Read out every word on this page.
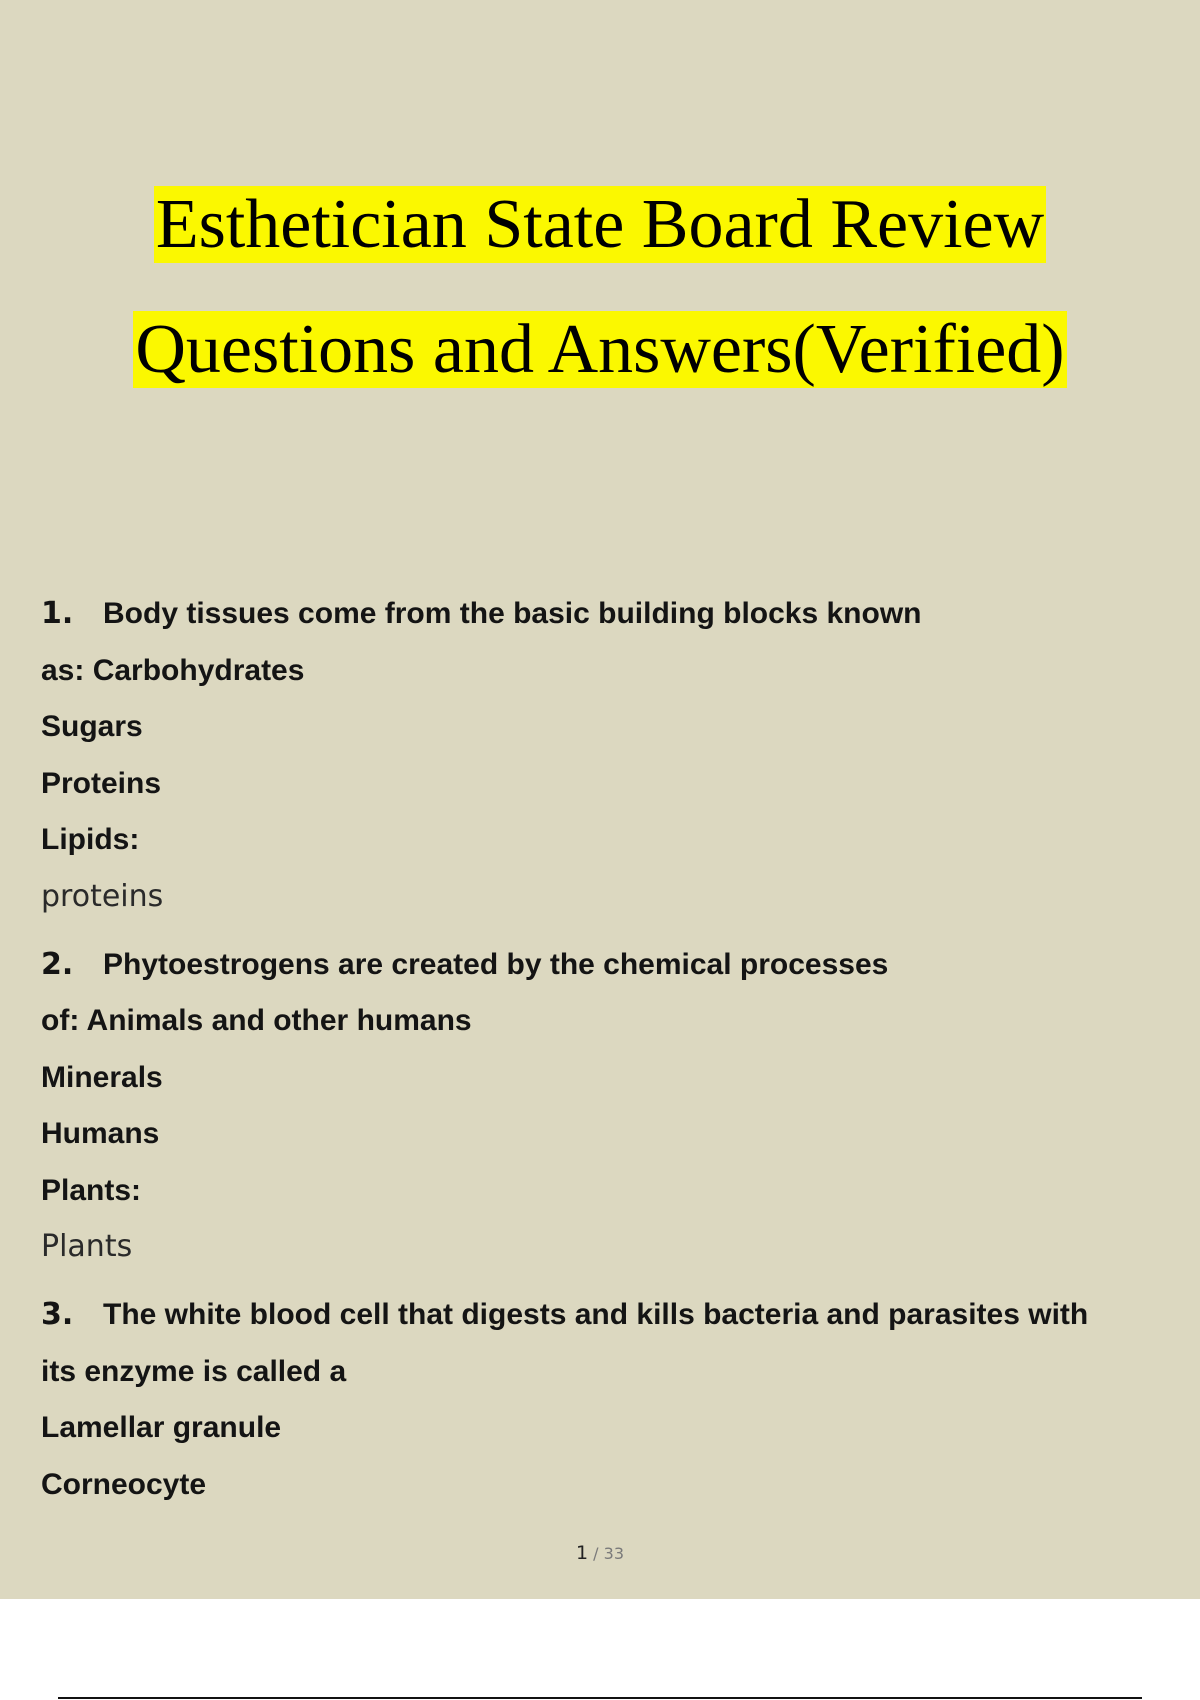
Esthetician State Board Review
Questions and Answers(Verified)
1. Body tissues come from the basic building blocks known
as: Carbohydrates
Sugars
Proteins
Lipids:
proteins
2. Phytoestrogens are created by the chemical processes
of: Animals and other humans
Minerals
Humans
Plants:
Plants
3. The white blood cell that digests and kills bacteria and parasites with
its enzyme is called a
Lamellar granule
Corneocyte
1 / 33
